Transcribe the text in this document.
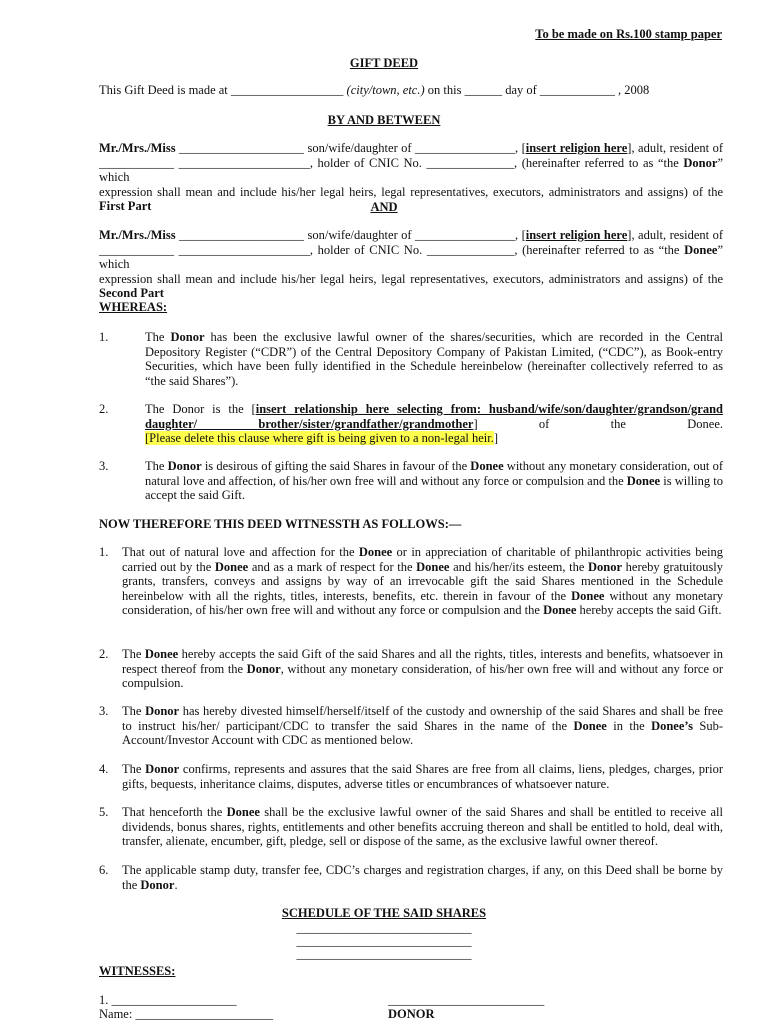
To be made on Rs.100 stamp paper
GIFT DEED
This Gift Deed is made at __________________ (city/town, etc.) on this ______ day of ____________ , 2008
BY AND BETWEEN
Mr./Mrs./Miss ____________________ son/wife/daughter of ________________, [insert religion here], adult, resident of
____________ _____________________, holder of CNIC No. ______________, (hereinafter referred to as “the Donor” which
expression shall mean and include his/her legal heirs, legal representatives, executors, administrators and assigns) of the
First Part	AND
Mr./Mrs./Miss ____________________ son/wife/daughter of ________________, [insert religion here], adult, resident of
____________ _____________________, holder of CNIC No. ______________, (hereinafter referred to as “the Donee” which
expression shall mean and include his/her legal heirs, legal representatives, executors, administrators and assigns) of the
Second Part
WHEREAS:
1.	The Donor has been the exclusive lawful owner of the shares/securities, which are recorded in the Central Depository Register (“CDR”) of the Central Depository Company of Pakistan Limited, (“CDC”), as Book-entry Securities, which have been fully identified in the Schedule hereinbelow (hereinafter collectively referred to as “the said Shares”).
2.	The Donor is the [insert relationship here selecting from: husband/wife/son/daughter/grandson/grand daughter/ brother/sister/grandfather/grandmother] of the Donee.
[Please delete this clause where gift is being given to a non-legal heir.]
3.	The Donor is desirous of gifting the said Shares in favour of the Donee without any monetary consideration, out of natural love and affection, of his/her own free will and without any force or compulsion and the Donee is willing to accept the said Gift.
NOW THEREFORE THIS DEED WITNESSTH AS FOLLOWS:—
1. That out of natural love and affection for the Donee or in appreciation of charitable of philanthropic activities being carried out by the Donee and as a mark of respect for the Donee and his/her/its esteem, the Donor hereby gratuitously grants, transfers, conveys and assigns by way of an irrevocable gift the said Shares mentioned in the Schedule hereinbelow with all the rights, titles, interests, benefits, etc. therein in favour of the Donee without any monetary consideration, of his/her own free will and without any force or compulsion and the Donee hereby accepts the said Gift.
2. The Donee hereby accepts the said Gift of the said Shares and all the rights, titles, interests and benefits, whatsoever in respect thereof from the Donor, without any monetary consideration, of his/her own free will and without any force or compulsion.
3. The Donor has hereby divested himself/herself/itself of the custody and ownership of the said Shares and shall be free to instruct his/her/ participant/CDC to transfer the said Shares in the name of the Donee in the Donee’s Sub-Account/Investor Account with CDC as mentioned below.
4. The Donor confirms, represents and assures that the said Shares are free from all claims, liens, pledges, charges, prior gifts, bequests, inheritance claims, disputes, adverse titles or encumbrances of whatsoever nature.
5. That henceforth the Donee shall be the exclusive lawful owner of the said Shares and shall be entitled to receive all dividends, bonus shares, rights, entitlements and other benefits accruing thereon and shall be entitled to hold, deal with, transfer, alienate, encumber, gift, pledge, sell or dispose of the same, as the exclusive lawful owner thereof.
6. The applicable stamp duty, transfer fee, CDC’s charges and registration charges, if any, on this Deed shall be borne by the Donor.
SCHEDULE OF THE SAID SHARES
____________________________
____________________________
____________________________
WITNESSES:
1. ____________________
Name: ______________________
_________________________
DONOR
